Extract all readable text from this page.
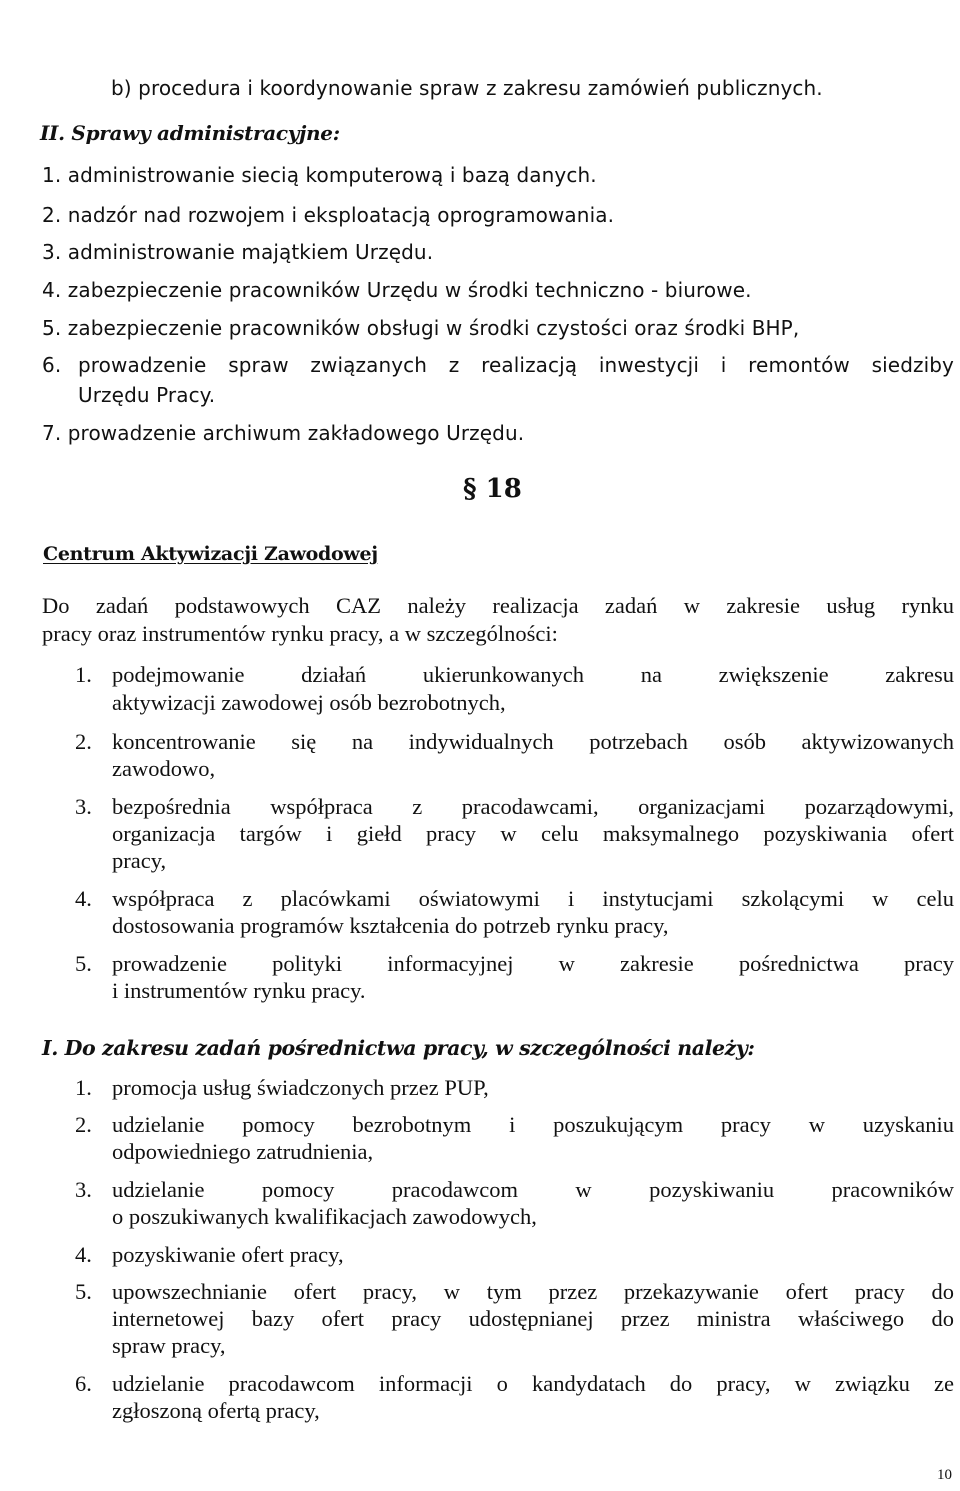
b) procedura i koordynowanie spraw z zakresu zamówień publicznych.
II. Sprawy administracyjne:
1. administrowanie siecią komputerową i bazą danych.
2. nadzór nad rozwojem i eksploatacją oprogramowania.
3. administrowanie majątkiem Urzędu.
4. zabezpieczenie pracowników Urzędu w środki techniczno - biurowe.
5. zabezpieczenie pracowników obsługi w środki czystości oraz środki BHP,
6. prowadzenie spraw związanych z realizacją inwestycji i remontów siedziby
Urzędu Pracy.
7. prowadzenie archiwum zakładowego Urzędu.
§ 18
Centrum Aktywizacji Zawodowej
Do zadań podstawowych CAZ należy realizacja zadań w zakresie usług rynku
pracy oraz instrumentów rynku pracy, a w szczególności:
1. podejmowanie działań ukierunkowanych na zwiększenie zakresu
aktywizacji zawodowej osób bezrobotnych,
2. koncentrowanie się na indywidualnych potrzebach osób aktywizowanych
zawodowo,
3. bezpośrednia współpraca z pracodawcami, organizacjami pozarządowymi,
organizacja targów i giełd pracy w celu maksymalnego pozyskiwania ofert
pracy,
4. współpraca z placówkami oświatowymi i instytucjami szkolącymi w celu
dostosowania programów kształcenia do potrzeb rynku pracy,
5. prowadzenie polityki informacyjnej w zakresie pośrednictwa pracy
i instrumentów rynku pracy.
I. Do zakresu zadań pośrednictwa pracy, w szczególności należy:
1. promocja usług świadczonych przez PUP,
2. udzielanie pomocy bezrobotnym i poszukującym pracy w uzyskaniu
odpowiedniego zatrudnienia,
3. udzielanie pomocy pracodawcom w pozyskiwaniu pracowników
o poszukiwanych kwalifikacjach zawodowych,
4. pozyskiwanie ofert pracy,
5. upowszechnianie ofert pracy, w tym przez przekazywanie ofert pracy do
internetowej bazy ofert pracy udostępnianej przez ministra właściwego do
spraw pracy,
6. udzielanie pracodawcom informacji o kandydatach do pracy, w związku ze
zgłoszoną ofertą pracy,
10
